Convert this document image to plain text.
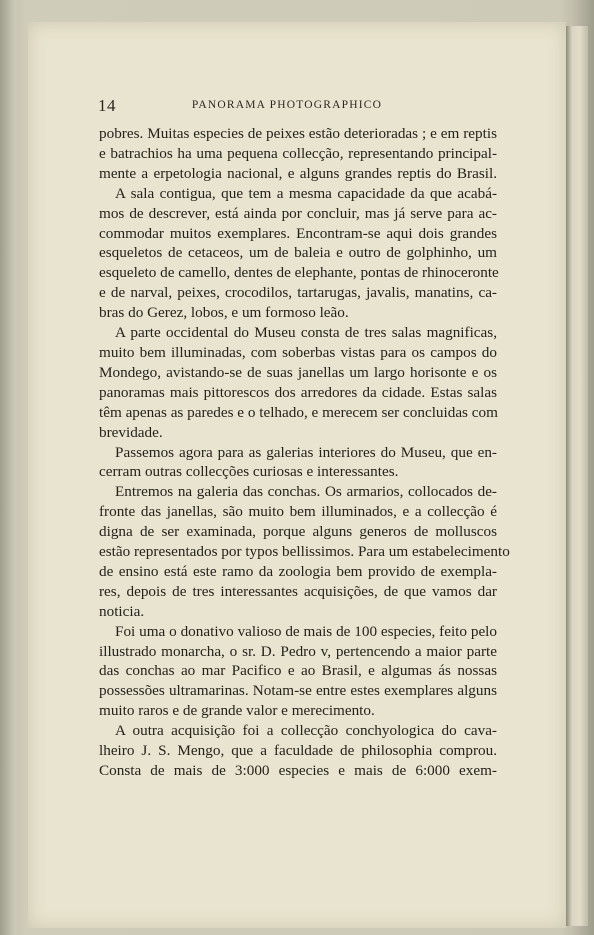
14	PANORAMA PHOTOGRAPHICO
pobres. Muitas especies de peixes estão deterioradas ; e em reptis
e batrachios ha uma pequena collecção, representando principal-
mente a erpetologia nacional, e alguns grandes reptis do Brasil.
A sala contigua, que tem a mesma capacidade da que acabá-
mos de descrever, está ainda por concluir, mas já serve para ac-
commodar muitos exemplares. Encontram-se aqui dois grandes
esqueletos de cetaceos, um de baleia e outro de golphinho, um
esqueleto de camello, dentes de elephante, pontas de rhinoceronte
e de narval, peixes, crocodilos, tartarugas, javalis, manatins, ca-
bras do Gerez, lobos, e um formoso leão.
A parte occidental do Museu consta de tres salas magnificas,
muito bem illuminadas, com soberbas vistas para os campos do
Mondego, avistando-se de suas janellas um largo horisonte e os
panoramas mais pittorescos dos arredores da cidade. Estas salas
têm apenas as paredes e o telhado, e merecem ser concluidas com
brevidade.
Passemos agora para as galerias interiores do Museu, que en-
cerram outras collecções curiosas e interessantes.
Entremos na galeria das conchas. Os armarios, collocados de-
fronte das janellas, são muito bem illuminados, e a collecção é
digna de ser examinada, porque alguns generos de molluscos
estão representados por typos bellissimos. Para um estabelecimento
de ensino está este ramo da zoologia bem provido de exempla-
res, depois de tres interessantes acquisições, de que vamos dar
noticia.
Foi uma o donativo valioso de mais de 100 especies, feito pelo
illustrado monarcha, o sr. D. Pedro v, pertencendo a maior parte
das conchas ao mar Pacifico e ao Brasil, e algumas ás nossas
possessões ultramarinas. Notam-se entre estes exemplares alguns
muito raros e de grande valor e merecimento.
A outra acquisição foi a collecção conchyologica do cava-
lheiro J. S. Mengo, que a faculdade de philosophia comprou.
Consta de mais de 3:000 especies e mais de 6:000 exem-
